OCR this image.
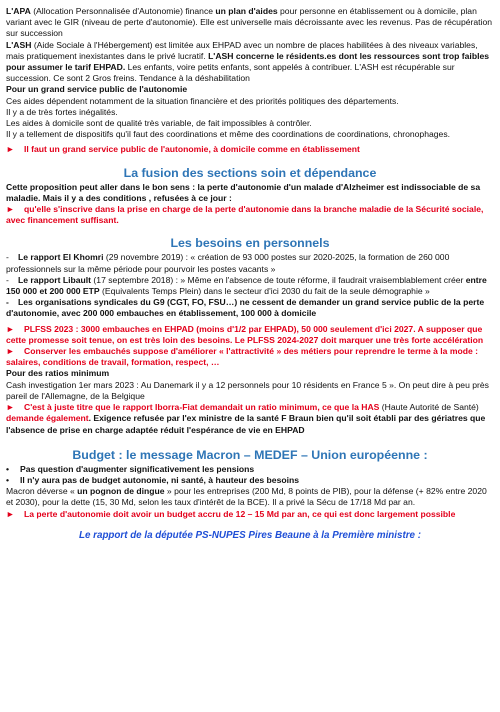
L'APA (Allocation Personnalisée d'Autonomie) finance un plan d'aides pour personne en établissement ou à domicile, plan variant avec le GIR (niveau de perte d'autonomie). Elle est universelle mais décroissante avec les revenus. Pas de récupération sur succession

L'ASH (Aide Sociale à l'Hébergement) est limitée aux EHPAD avec un nombre de places habilitées à des niveaux variables, mais pratiquement inexistantes dans le privé lucratif. L'ASH concerne le résidents.es dont les ressources sont trop faibles pour assumer le tarif EHPAD. Les enfants, voire petits enfants, sont appelés à contribuer. L'ASH est récupérable sur succession. Ce sont 2 Gros freins. Tendance à la déshabilitation

Pour un grand service public de l'autonomie

Ces aides dépendent notamment de la situation financière et des priorités politiques des départements.

Il y a de très fortes inégalités.

Les aides à domicile sont de qualité très variable, de fait impossibles à contrôler.

Il y a tellement de dispositifs qu'il faut des coordinations et même des coordinations de coordinations, chronophages.

► Il faut un grand service public de l'autonomie, à domicile comme en établissement

La fusion des sections soin et dépendance

Cette proposition peut aller dans le bon sens : la perte d'autonomie d'un malade d'Alzheimer est indissociable de sa maladie. Mais il y a des conditions , refusées à ce jour :

► qu'elle s'inscrive dans la prise en charge de la perte d'autonomie dans la branche maladie de la Sécurité sociale, avec financement suffisant.

Les besoins en personnels

- Le rapport El Khomri (29 novembre 2019) : « création de 93 000 postes sur 2020-2025, la formation de 260 000 professionnels sur la même période pour pourvoir les postes vacants »

- Le rapport Libault (17 septembre 2018) : » Même en l'absence de toute réforme, il faudrait vraisemblablement créer entre 150 000 et 200 000 ETP (Equivalents Temps Plein) dans le secteur d'ici 2030 du fait de la seule démographie »

- Les organisations syndicales du G9 (CGT, FO, FSU…) ne cessent de demander un grand service public de la perte d'autonomie, avec 200 000 embauches en établissement, 100 000 à domicile

► PLFSS 2023 : 3000 embauches en EHPAD (moins d'1/2 par EHPAD), 50 000 seulement d'ici 2027. A supposer que cette promesse soit tenue, on est très loin des besoins. Le PLFSS 2024-2027 doit marquer une très forte accélération

► Conserver les embauchés suppose d'améliorer « l'attractivité » des métiers pour reprendre le terme à la mode : salaires, conditions de travail, formation, respect, …

Pour des ratios minimum

Cash investigation 1er mars 2023 : Au Danemark il y a 12 personnels pour 10 résidents en France 5 ». On peut dire à peu près pareil de l'Allemagne, de la Belgique

► C'est à juste titre que le rapport Iborra-Fiat demandait un ratio minimum, ce que la HAS (Haute Autorité de Santé) demande également. Exigence refusée par l'ex ministre de la santé F Braun bien qu'il soit établi par des gériatres que l'absence de prise en charge adaptée réduit l'espérance de vie en EHPAD

Budget : le message Macron – MEDEF – Union européenne :

• Pas question d'augmenter significativement les pensions

• Il n'y aura pas de budget autonomie, ni santé, à hauteur des besoins

Macron déverse « un pognon de dingue » pour les entreprises (200 Md, 8 points de PIB), pour la défense (+ 82% entre 2020 et 2030), pour la dette (15, 30 Md, selon les taux d'intérêt de la BCE). Il a privé la Sécu de 17/18 Md par an.

► La perte d'autonomie doit avoir un budget accru de 12 – 15 Md par an, ce qui est donc largement possible

Le rapport de la députée PS-NUPES Pires Beaune à la Première ministre :
